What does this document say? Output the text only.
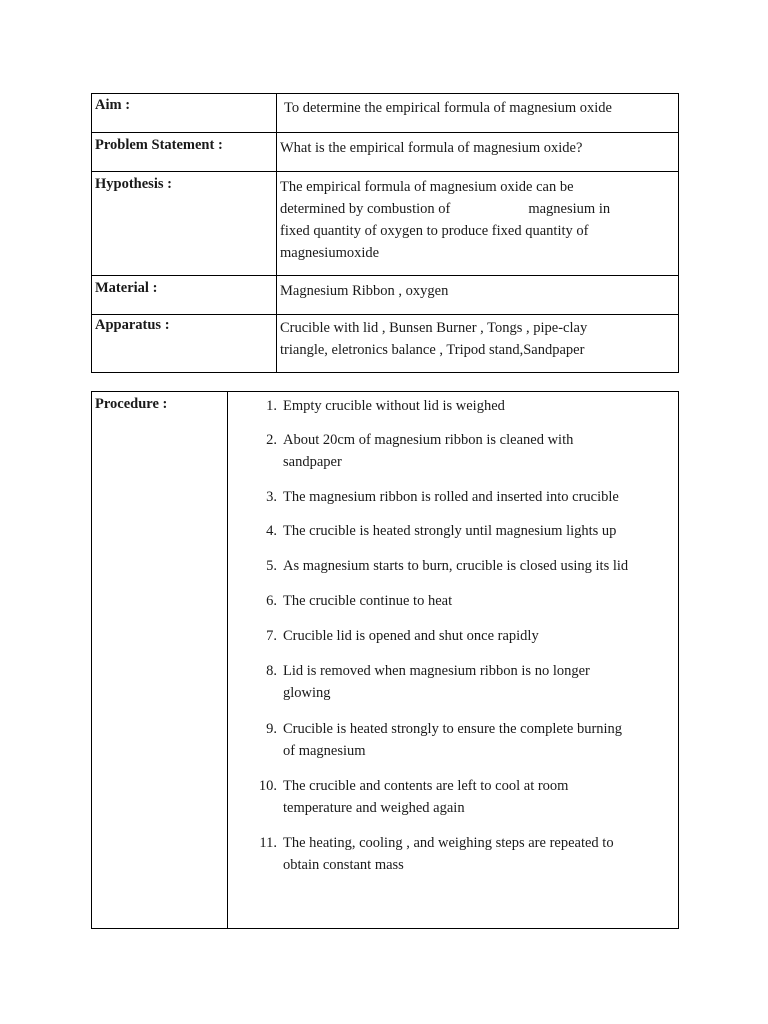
Aim :	To determine the empirical formula of magnesium oxide
Problem Statement :	What is the empirical formula of magnesium oxide?
Hypothesis :	The empirical formula of magnesium oxide can be
determined by combustion of magnesium in
fixed quantity of oxygen to produce fixed quantity of
magnesiumoxide

Material :	Magnesium Ribbon , oxygen
Apparatus :	Crucible with lid , Bunsen Burner , Tongs , pipe-clay
triangle, eletronics balance , Tripod stand,Sandpaper
Procedure :	1. Empty crucible without lid is weighed
2. About 20cm of magnesium ribbon is cleaned with
sandpaper
3. The magnesium ribbon is rolled and inserted into crucible
4. The crucible is heated strongly until magnesium lights up
5. As magnesium starts to burn, crucible is closed using its lid
6. The crucible continue to heat
7. Crucible lid is opened and shut once rapidly
8. Lid is removed when magnesium ribbon is no longer
glowing
9. Crucible is heated strongly to ensure the complete burning
of magnesium
10. The crucible and contents are left to cool at room
temperature and weighed again
11. The heating, cooling , and weighing steps are repeated to
obtain constant mass
